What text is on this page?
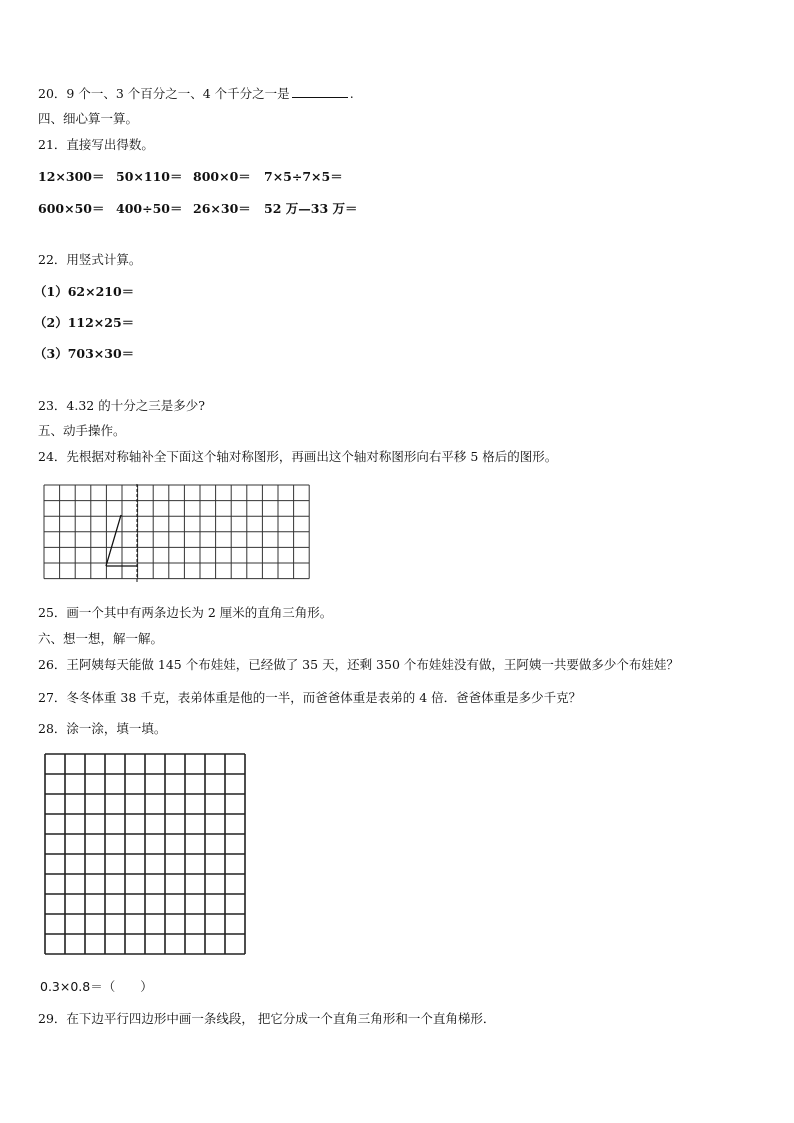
20．9 个一、3 个百分之一、4 个千分之一是	.
四、细心算一算。
21．直接写出得数。
12×300＝ 50×110＝ 800×0＝ 7×5÷7×5＝
600×50＝ 400÷50＝ 26×30＝ 52 万—33 万＝
22．用竖式计算。
（1）62×210＝
（2）112×25＝
（3）703×30＝
23．4.32 的十分之三是多少?
五、动手操作。
24．先根据对称轴补全下面这个轴对称图形，再画出这个轴对称图形向右平移 5 格后的图形。
25．画一个其中有两条边长为 2 厘米的直角三角形。
六、想一想，解一解。
26．王阿姨每天能做 145 个布娃娃，已经做了 35 天，还剩 350 个布娃娃没有做，王阿姨一共要做多少个布娃娃？
27．冬冬体重 38 千克，表弟体重是他的一半，而爸爸体重是表弟的 4 倍．爸爸体重是多少千克？
28．涂一涂，填一填。
0.3×0.8＝（　　）
29．在下边平行四边形中画一条线段， 把它分成一个直角三角形和一个直角梯形．
